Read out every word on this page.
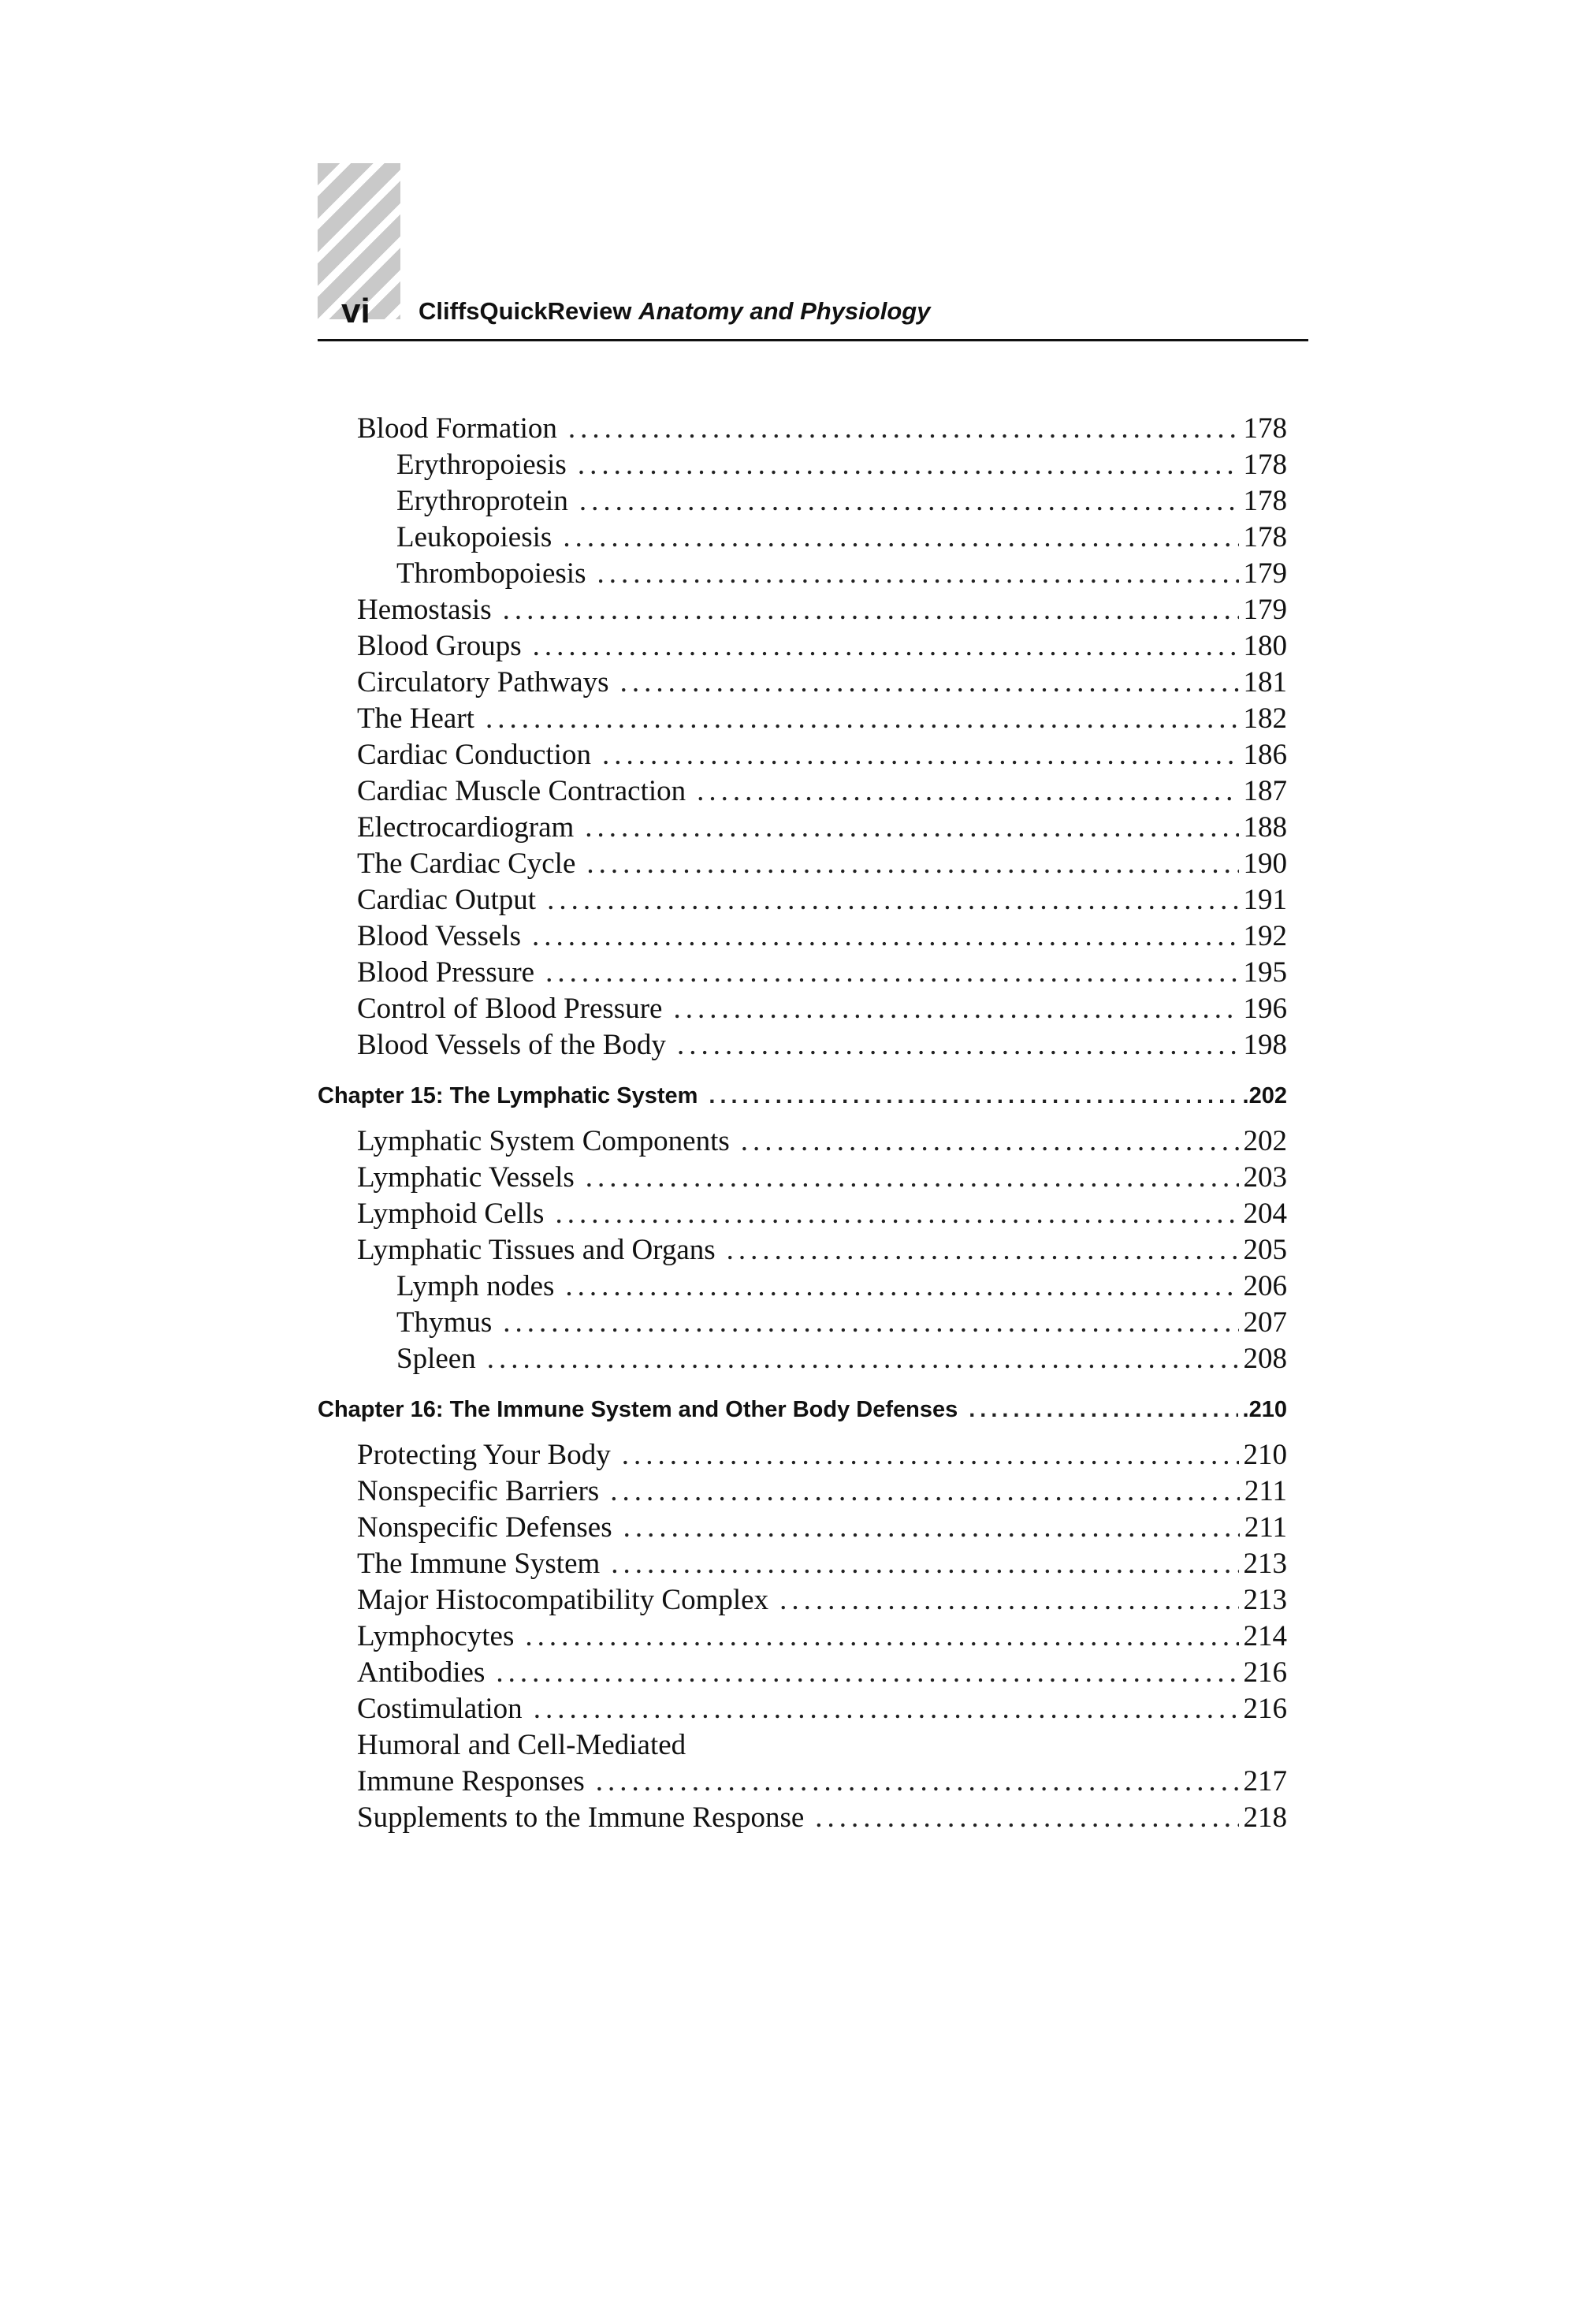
vi CliffsQuickReview Anatomy and Physiology
Blood Formation .....	178
Erythropoiesis .....	178
Erythroprotein .....	178
Leukopoiesis .....	178
Thrombopoiesis .....	179
Hemostasis .....	179
Blood Groups .....	180
Circulatory Pathways .....	181
The Heart .....	182
Cardiac Conduction .....	186
Cardiac Muscle Contraction .....	187
Electrocardiogram .....	188
The Cardiac Cycle .....	190
Cardiac Output .....	191
Blood Vessels .....	192
Blood Pressure .....	195
Control of Blood Pressure .....	196
Blood Vessels of the Body .....	198
Chapter 15: The Lymphatic System .....	. 202
Lymphatic System Components .....	202
Lymphatic Vessels .....	203
Lymphoid Cells .....	204
Lymphatic Tissues and Organs .....	205
Lymph nodes .....	206
Thymus .....	207
Spleen .....	208
Chapter 16: The Immune System and Other Body Defenses .....	. 210
Protecting Your Body .....	210
Nonspecific Barriers .....	211
Nonspecific Defenses .....	211
The Immune System .....	213
Major Histocompatibility Complex .....	213
Lymphocytes .....	214
Antibodies .....	216
Costimulation .....	216
Humoral and Cell-Mediated
Immune Responses .....	217
Supplements to the Immune Response .....	218
